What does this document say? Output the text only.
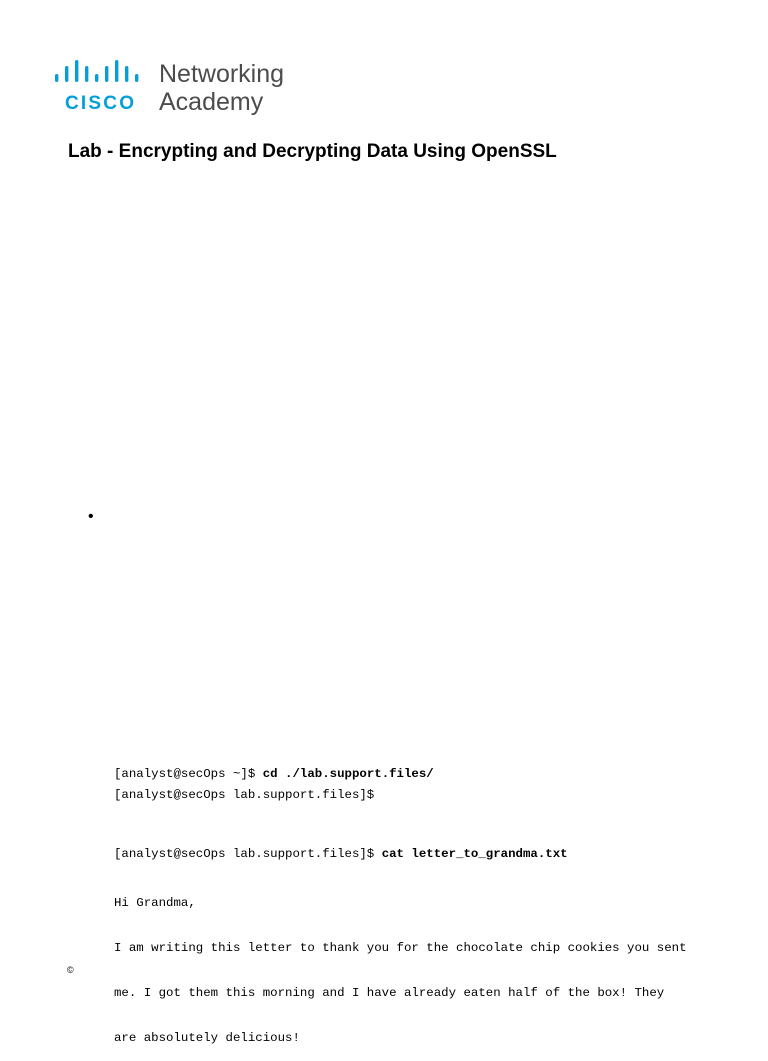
CISCO
Networking
Academy
Lab - Encrypting and Decrypting Data Using OpenSSL
•
[analyst@secOps ~]$ cd ./lab.support.files/
[analyst@secOps lab.support.files]$
[analyst@secOps lab.support.files]$ cat letter_to_grandma.txt

Hi Grandma,

I am writing this letter to thank you for the chocolate chip cookies you sent

me. I got them this morning and I have already eaten half of the box! They

are absolutely delicious!

©
